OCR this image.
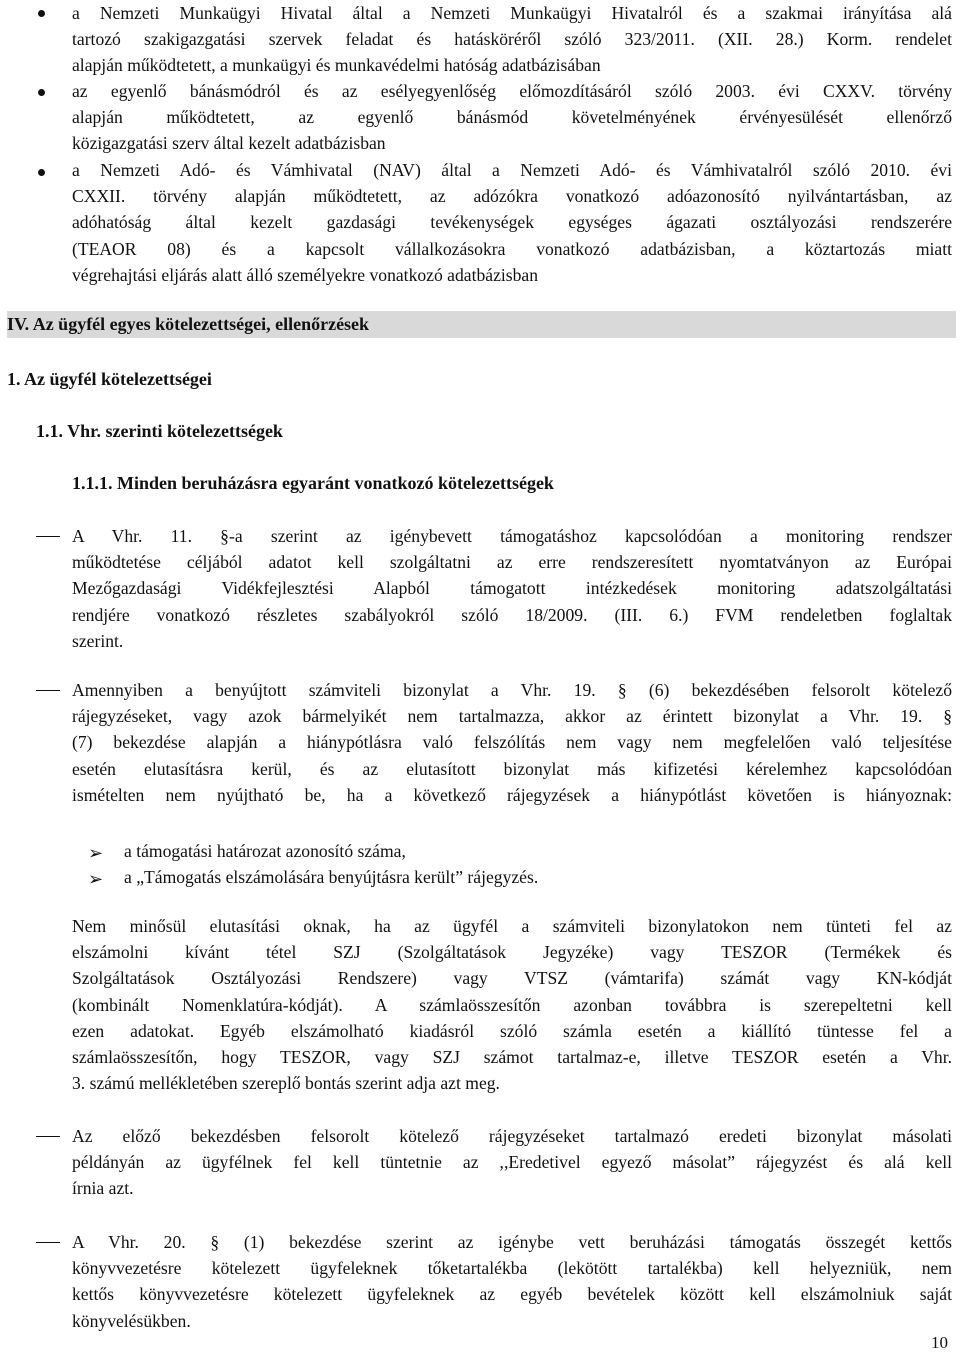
a Nemzeti Munkaügyi Hivatal által a Nemzeti Munkaügyi Hivatalról és a szakmai irányítása alá
tartozó szakigazgatási szervek feladat és hatásköréről szóló 323/2011. (XII. 28.) Korm. rendelet
alapján működtetett, a munkaügyi és munkavédelmi hatóság adatbázisában
az egyenlő bánásmódról és az esélyegyenlőség előmozdításáról szóló 2003. évi CXXV. törvény
alapján működtetett, az egyenlő bánásmód követelményének érvényesülését ellenőrző
közigazgatási szerv által kezelt adatbázisban
a Nemzeti Adó- és Vámhivatal (NAV) által a Nemzeti Adó- és Vámhivatalról szóló 2010. évi
CXXII. törvény alapján működtetett, az adózókra vonatkozó adóazonosító nyilvántartásban, az
adóhatóság által kezelt gazdasági tevékenységek egységes ágazati osztályozási rendszerére
(TEAOR 08) és a kapcsolt vállalkozásokra vonatkozó adatbázisban, a köztartozás miatt
végrehajtási eljárás alatt álló személyekre vonatkozó adatbázisban
IV. Az ügyfél egyes kötelezettségei, ellenőrzések
1. Az ügyfél kötelezettségei
1.1. Vhr. szerinti kötelezettségek
1.1.1. Minden beruházásra egyaránt vonatkozó kötelezettségek
A Vhr. 11. §-a szerint az igénybevett támogatáshoz kapcsolódóan a monitoring rendszer
működtetése céljából adatot kell szolgáltatni az erre rendszeresített nyomtatványon az Európai
Mezőgazdasági Vidékfejlesztési Alapból támogatott intézkedések monitoring adatszolgáltatási
rendjére vonatkozó részletes szabályokról szóló 18/2009. (III. 6.) FVM rendeletben foglaltak
szerint.
Amennyiben a benyújtott számviteli bizonylat a Vhr. 19. § (6) bekezdésében felsorolt kötelező
rájegyzéseket, vagy azok bármelyikét nem tartalmazza, akkor az érintett bizonylat a Vhr. 19. §
(7) bekezdése alapján a hiánypótlásra való felszólítás nem vagy nem megfelelően való teljesítése
esetén elutasításra kerül, és az elutasított bizonylat más kifizetési kérelemhez kapcsolódóan
ismételten nem nyújtható be, ha a következő rájegyzések a hiánypótlást követően is hiányoznak:
➢ a támogatási határozat azonosító száma,
➢ a „Támogatás elszámolására benyújtásra került” rájegyzés.
Nem minősül elutasítási oknak, ha az ügyfél a számviteli bizonylatokon nem tünteti fel az
elszámolni kívánt tétel SZJ (Szolgáltatások Jegyzéke) vagy TESZOR (Termékek és
Szolgáltatások Osztályozási Rendszere) vagy VTSZ (vámtarifa) számát vagy KN-kódját
(kombinált Nomenklatúra-kódját). A számlaösszesítőn azonban továbbra is szerepeltetni kell
ezen adatokat. Egyéb elszámolható kiadásról szóló számla esetén a kiállító tüntesse fel a
számlaösszesítőn, hogy TESZOR, vagy SZJ számot tartalmaz-e, illetve TESZOR esetén a Vhr.
3. számú mellékletében szereplő bontás szerint adja azt meg.
Az előző bekezdésben felsorolt kötelező rájegyzéseket tartalmazó eredeti bizonylat másolati
példányán az ügyfélnek fel kell tüntetnie az ,,Eredetivel egyező másolat” rájegyzést és alá kell
írnia azt.
A Vhr. 20. § (1) bekezdése szerint az igénybe vett beruházási támogatás összegét kettős
könyvvezetésre kötelezett ügyfeleknek tőketartalékba (lekötött tartalékba) kell helyezniük, nem
kettős könyvvezetésre kötelezett ügyfeleknek az egyéb bevételek között kell elszámolniuk saját
könyvelésükben.
10
